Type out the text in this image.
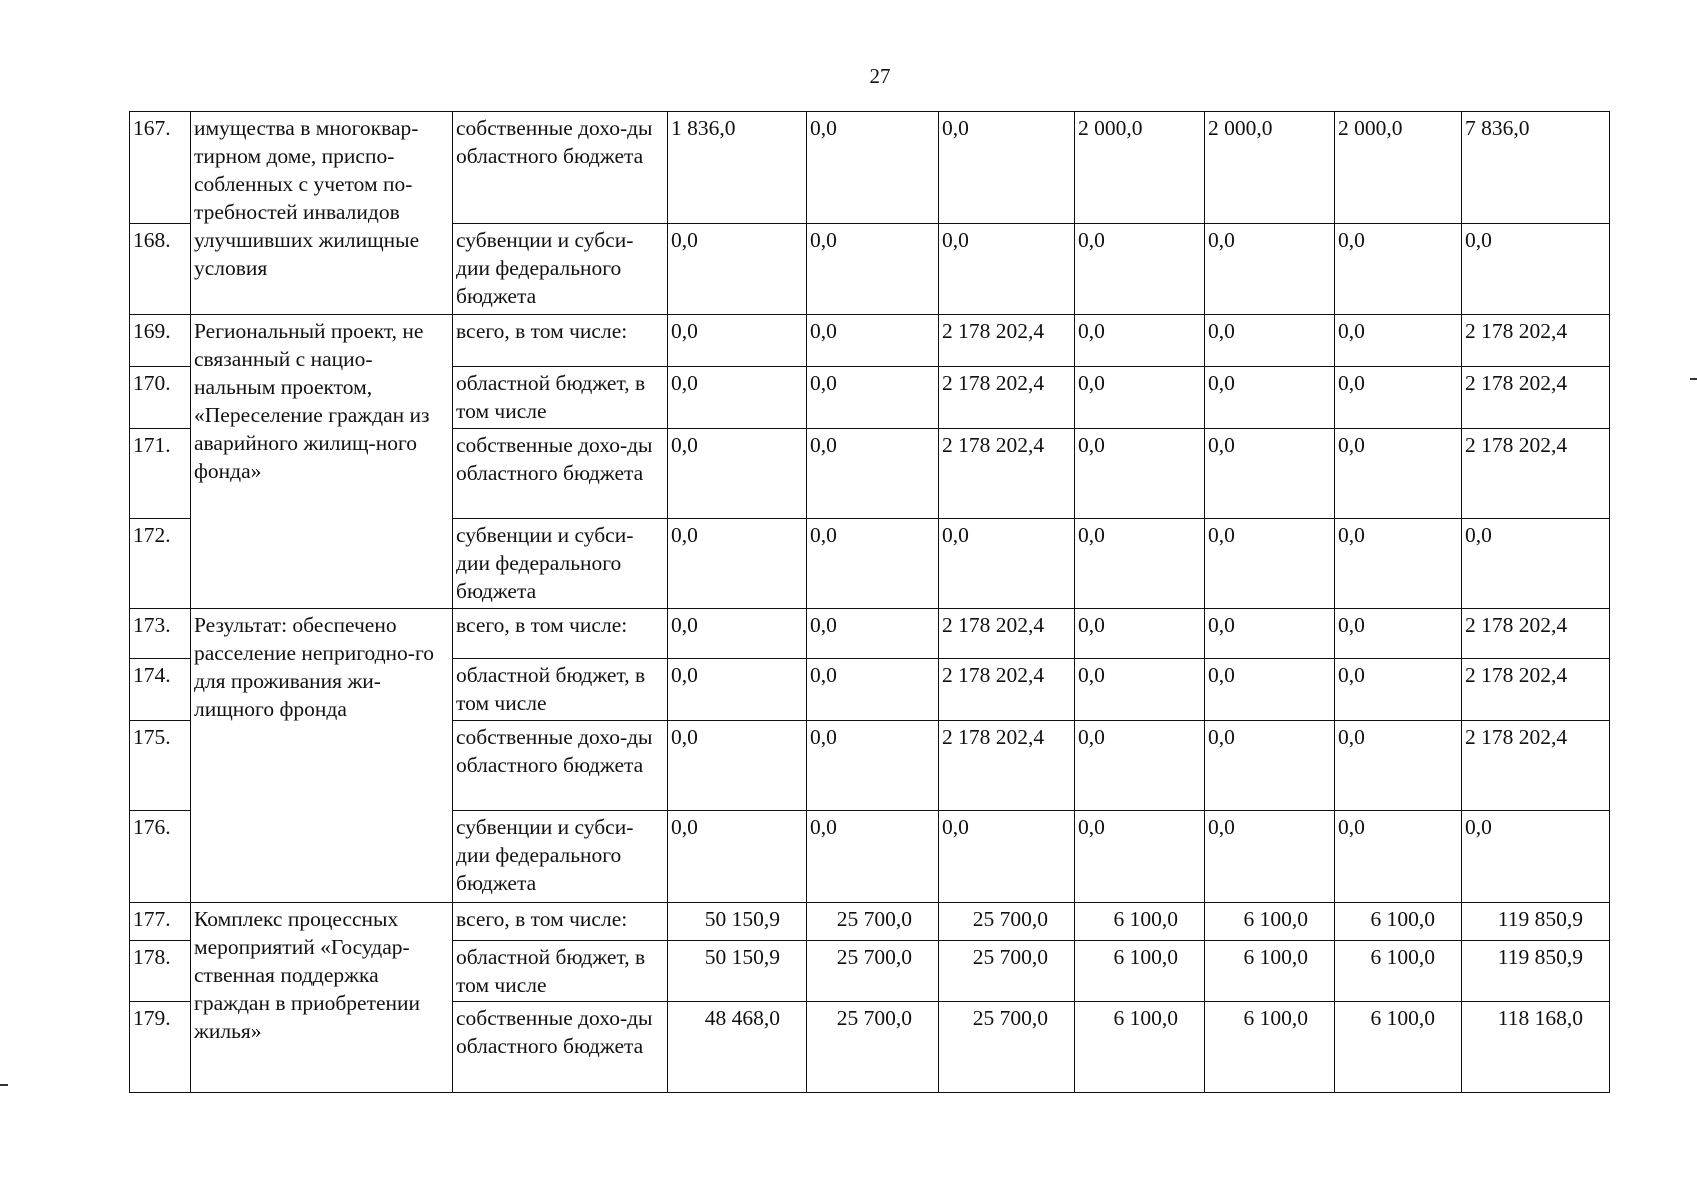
27
167.	имущества в многоквар-тирном доме, приспо-собленных с учетом по-требностей инвалидов улучшивших жилищные условия	собственные дохо-ды областного бюджета	1 836,0	0,0	0,0	2 000,0	2 000,0	2 000,0	7 836,0
168.		субвенции и субси-дии федерального бюджета	0,0	0,0	0,0	0,0	0,0	0,0	0,0
169.	Региональный проект, не связанный с нацио-нальным проектом, «Переселение граждан из аварийного жилищ-ного фонда»	всего, в том числе:	0,0	0,0	2 178 202,4	0,0	0,0	0,0	2 178 202,4
170.		областной бюджет, в том числе	0,0	0,0	2 178 202,4	0,0	0,0	0,0	2 178 202,4
171.		собственные дохо-ды областного бюджета	0,0	0,0	2 178 202,4	0,0	0,0	0,0	2 178 202,4
172.		субвенции и субси-дии федерального бюджета	0,0	0,0	0,0	0,0	0,0	0,0	0,0
173.	Результат: обеспечено расселение непригодно-го для проживания жи-лищного фронда	всего, в том числе:	0,0	0,0	2 178 202,4	0,0	0,0	0,0	2 178 202,4
174.		областной бюджет, в том числе	0,0	0,0	2 178 202,4	0,0	0,0	0,0	2 178 202,4
175.		собственные дохо-ды областного бюджета	0,0	0,0	2 178 202,4	0,0	0,0	0,0	2 178 202,4
176.		субвенции и субси-дии федерального бюджета	0,0	0,0	0,0	0,0	0,0	0,0	0,0
177.	Комплекс процессных мероприятий «Государ-ственная поддержка граждан в приобретении жилья»	всего, в том числе:	50 150,9	25 700,0	25 700,0	6 100,0	6 100,0	6 100,0	119 850,9
178.		областной бюджет, в том числе	50 150,9	25 700,0	25 700,0	6 100,0	6 100,0	6 100,0	119 850,9
179.		собственные дохо-ды областного бюджета	48 468,0	25 700,0	25 700,0	6 100,0	6 100,0	6 100,0	118 168,0
